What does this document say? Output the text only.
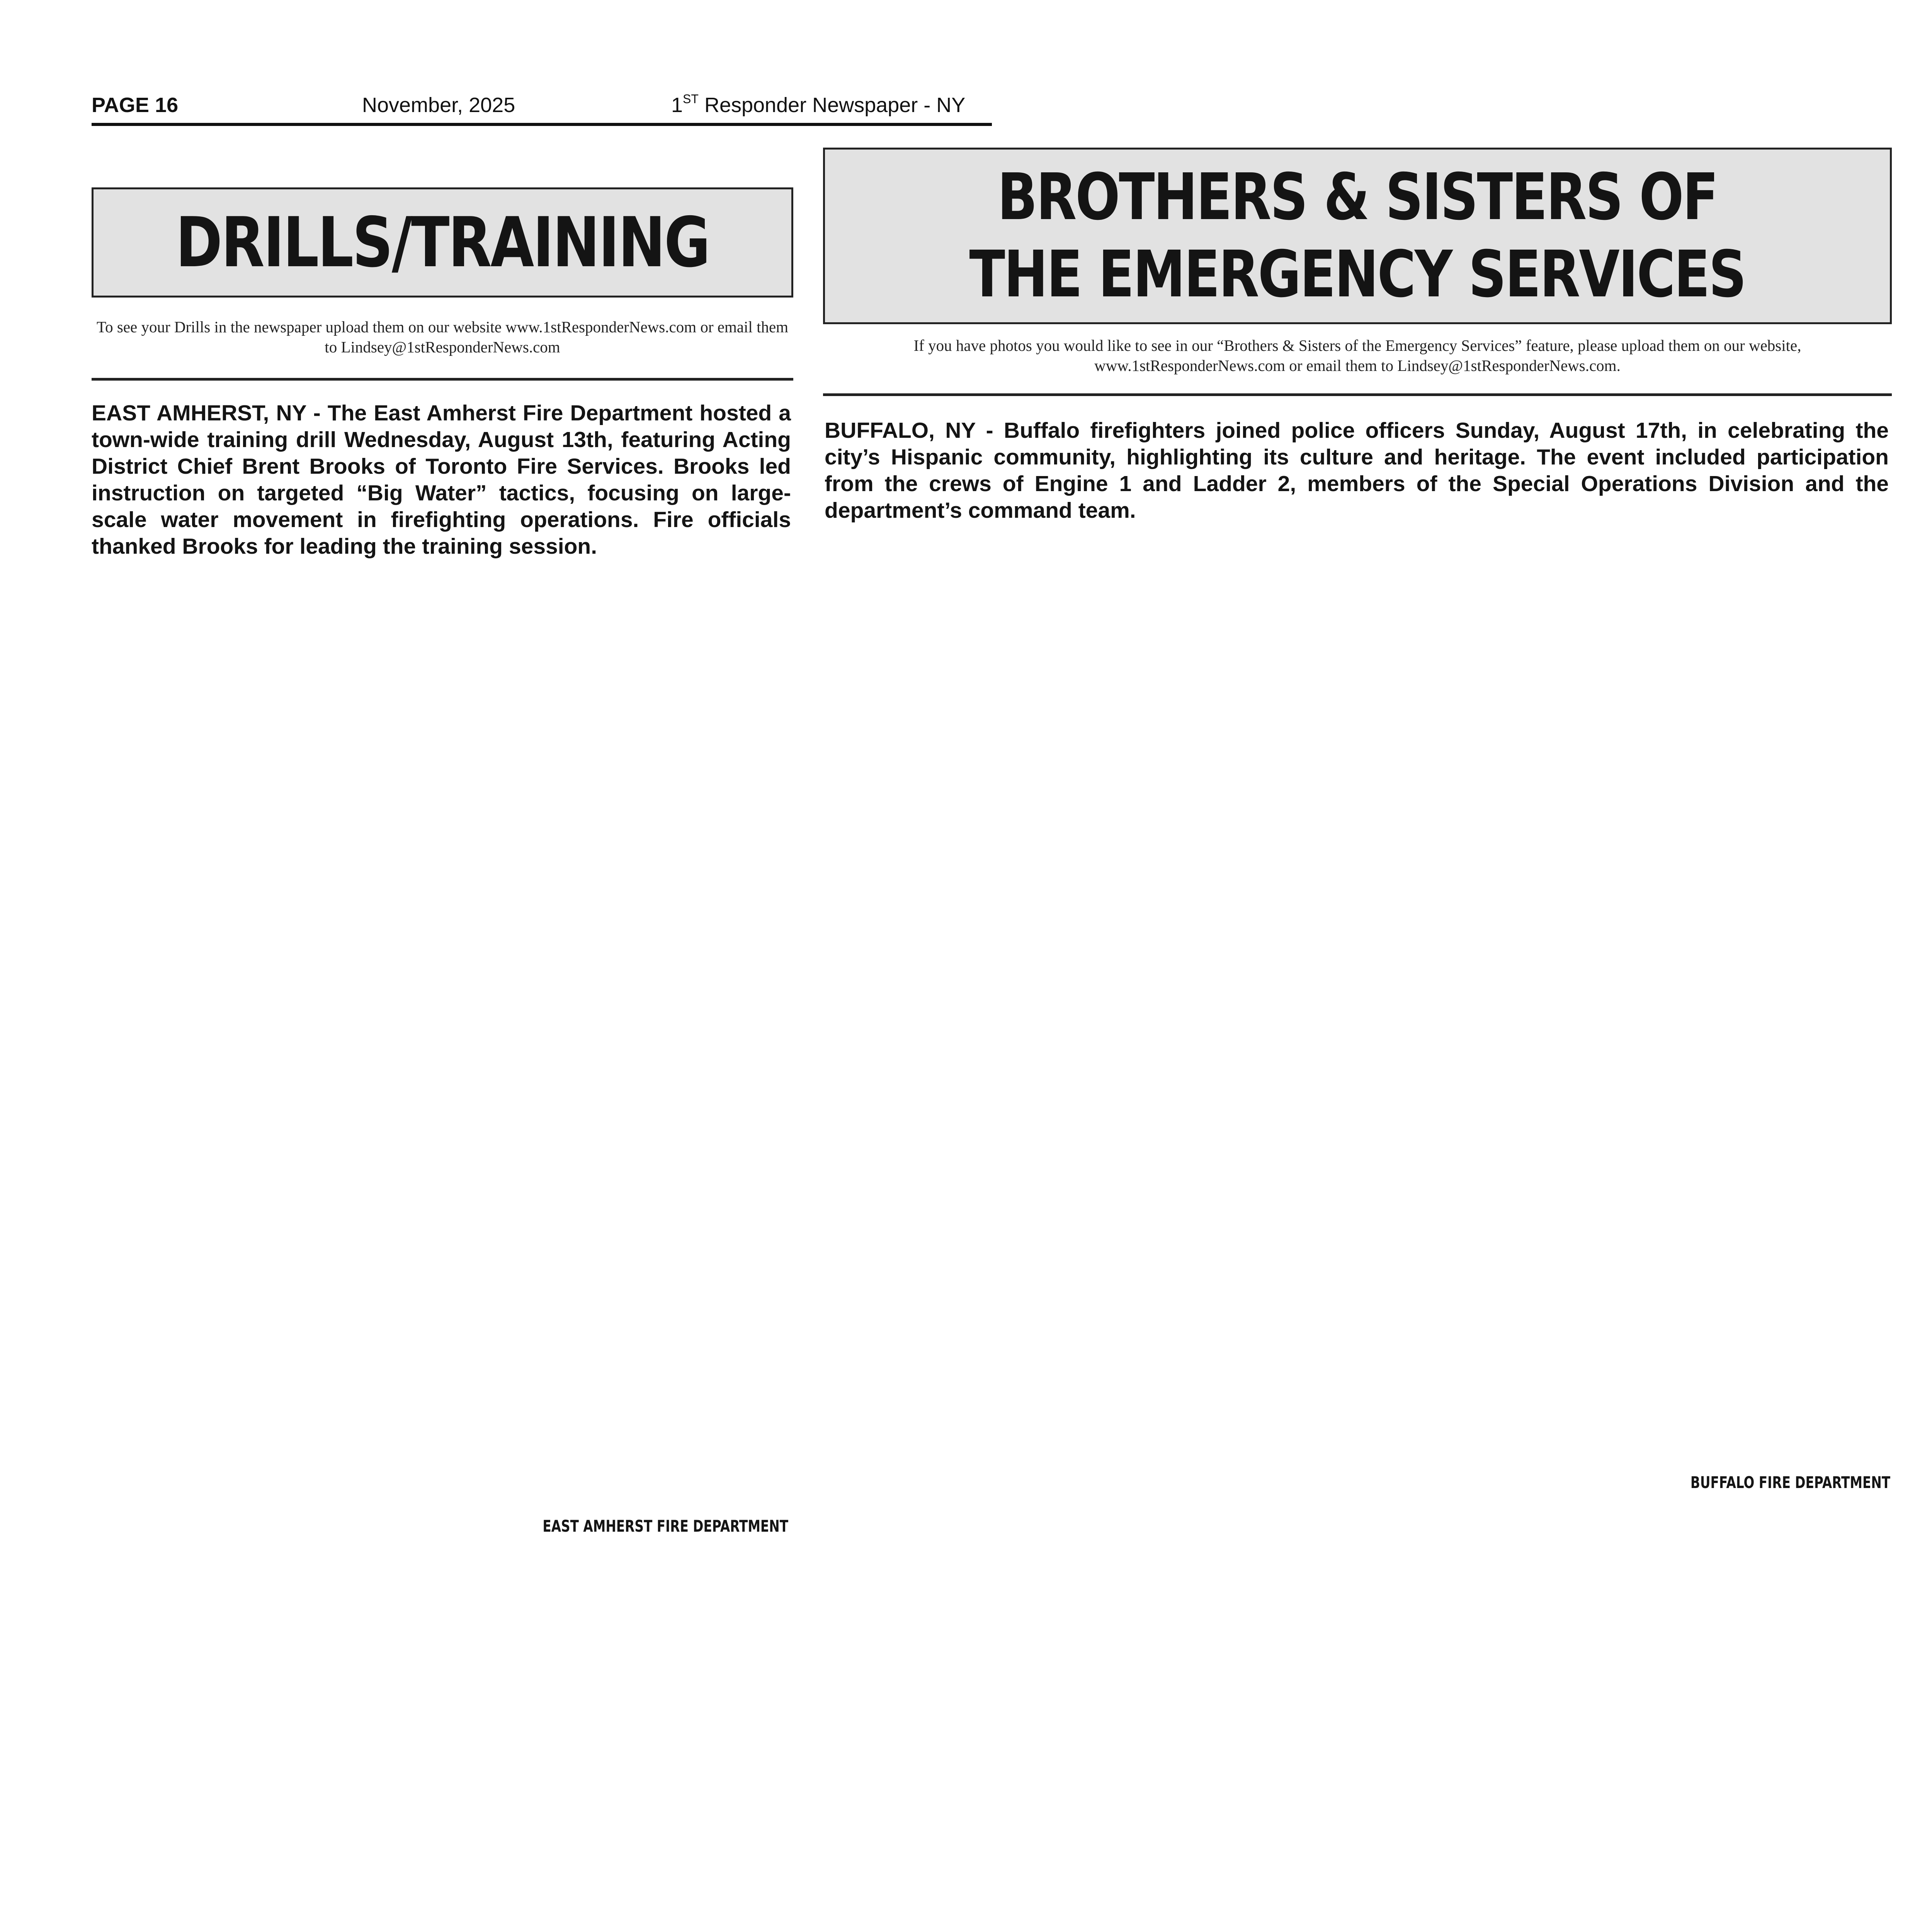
PAGE 16	November, 2025	1ST Responder Newspaper - NY
DRILLS/TRAINING
To see your Drills in the newspaper upload them on our website www.1stResponderNews.com or email them to Lindsey@1stResponderNews.com
EAST AMHERST, NY - The East Amherst Fire Department hosted a town-wide training drill Wednesday, August 13th, featuring Acting District Chief Brent Brooks of Toronto Fire Services. Brooks led instruction on targeted “Big Water” tactics, focusing on large-scale water movement in firefighting operations. Fire officials thanked Brooks for leading the training session.
EAST AMHERST FIRE DEPARTMENT
BROTHERS & SISTERS OF
THE EMERGENCY SERVICES
If you have photos you would like to see in our “Brothers & Sisters of the Emergency Services” feature, please upload them on our website, www.1stResponderNews.com or email them to Lindsey@1stResponderNews.com.
BUFFALO, NY - Buffalo firefighters joined police officers Sunday, August 17th, in celebrating the city’s Hispanic community, highlighting its culture and heritage. The event included participation from the crews of Engine 1 and Ladder 2, members of the Special Operations Division and the department’s command team.
BUFFALO FIRE DEPARTMENT
